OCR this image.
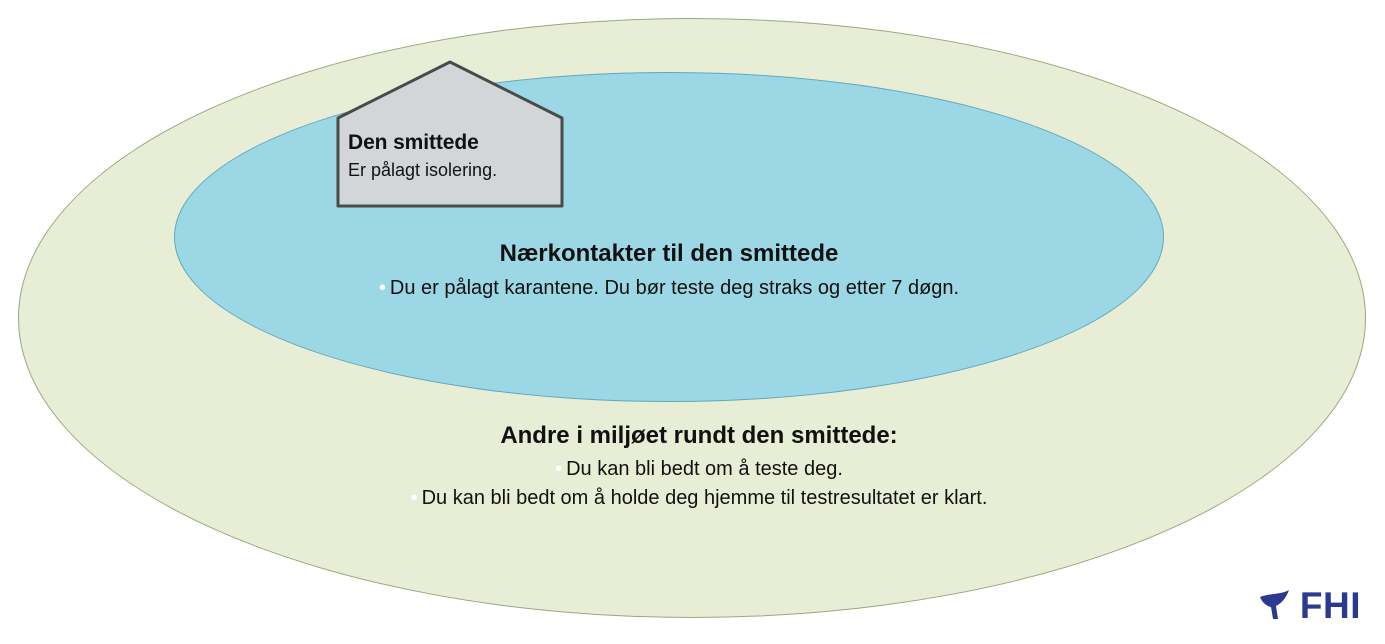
Den smittede
Er pålagt isolering.
Nærkontakter til den smittede
• Du er pålagt karantene. Du bør teste deg straks og etter 7 døgn.
Andre i miljøet rundt den smittede:
• Du kan bli bedt om å teste deg.
• Du kan bli bedt om å holde deg hjemme til testresultatet er klart.
FHI
